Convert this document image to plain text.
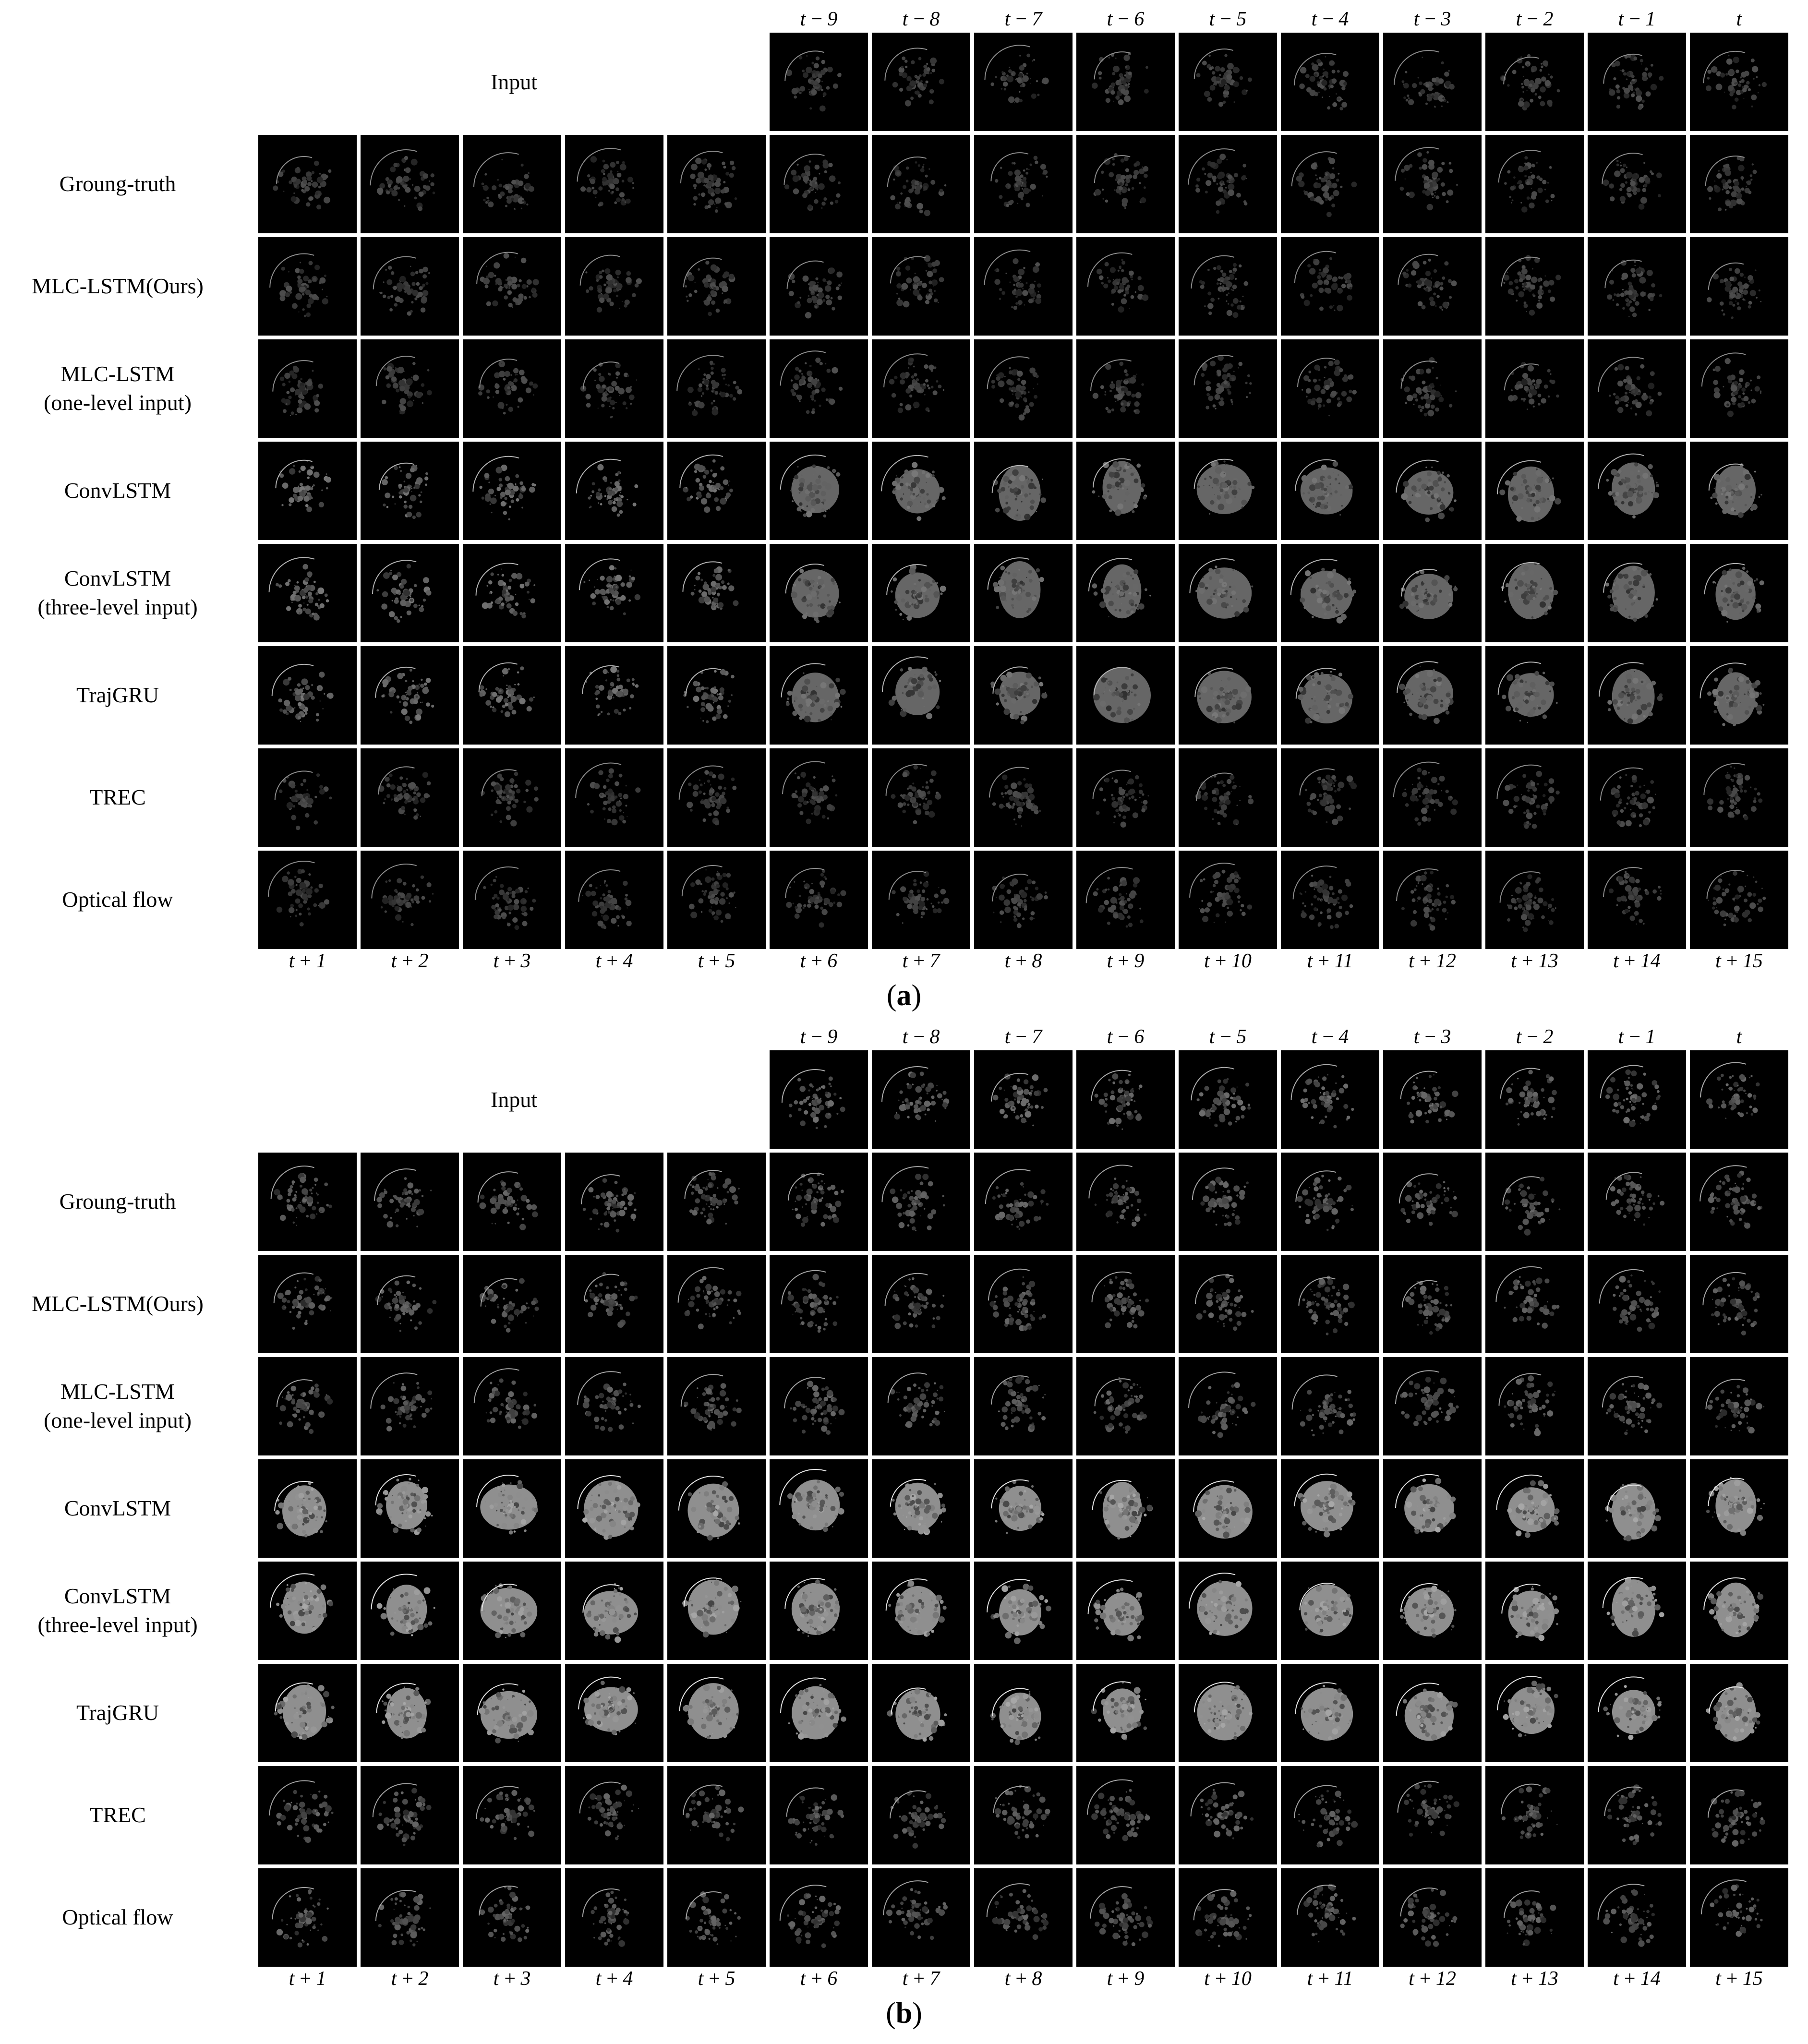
t − 9	t − 8	t − 7	t − 6	t − 5	t − 4	t − 3	t − 2	t − 1	t
Input
Groung-truth
MLC-LSTM(Ours)
MLC-LSTM
(one-level input)
ConvLSTM
ConvLSTM
(three-level input)
TrajGRU
TREC
Optical flow
t + 1	t + 2	t + 3	t + 4	t + 5	t + 6	t + 7	t + 8	t + 9	t + 10	t + 11	t + 12	t + 13	t + 14	t + 15
(a)
t − 9	t − 8	t − 7	t − 6	t − 5	t − 4	t − 3	t − 2	t − 1	t
Input
Groung-truth
MLC-LSTM(Ours)
MLC-LSTM
(one-level input)
ConvLSTM
ConvLSTM
(three-level input)
TrajGRU
TREC
Optical flow
t + 1	t + 2	t + 3	t + 4	t + 5	t + 6	t + 7	t + 8	t + 9	t + 10	t + 11	t + 12	t + 13	t + 14	t + 15
(b)
